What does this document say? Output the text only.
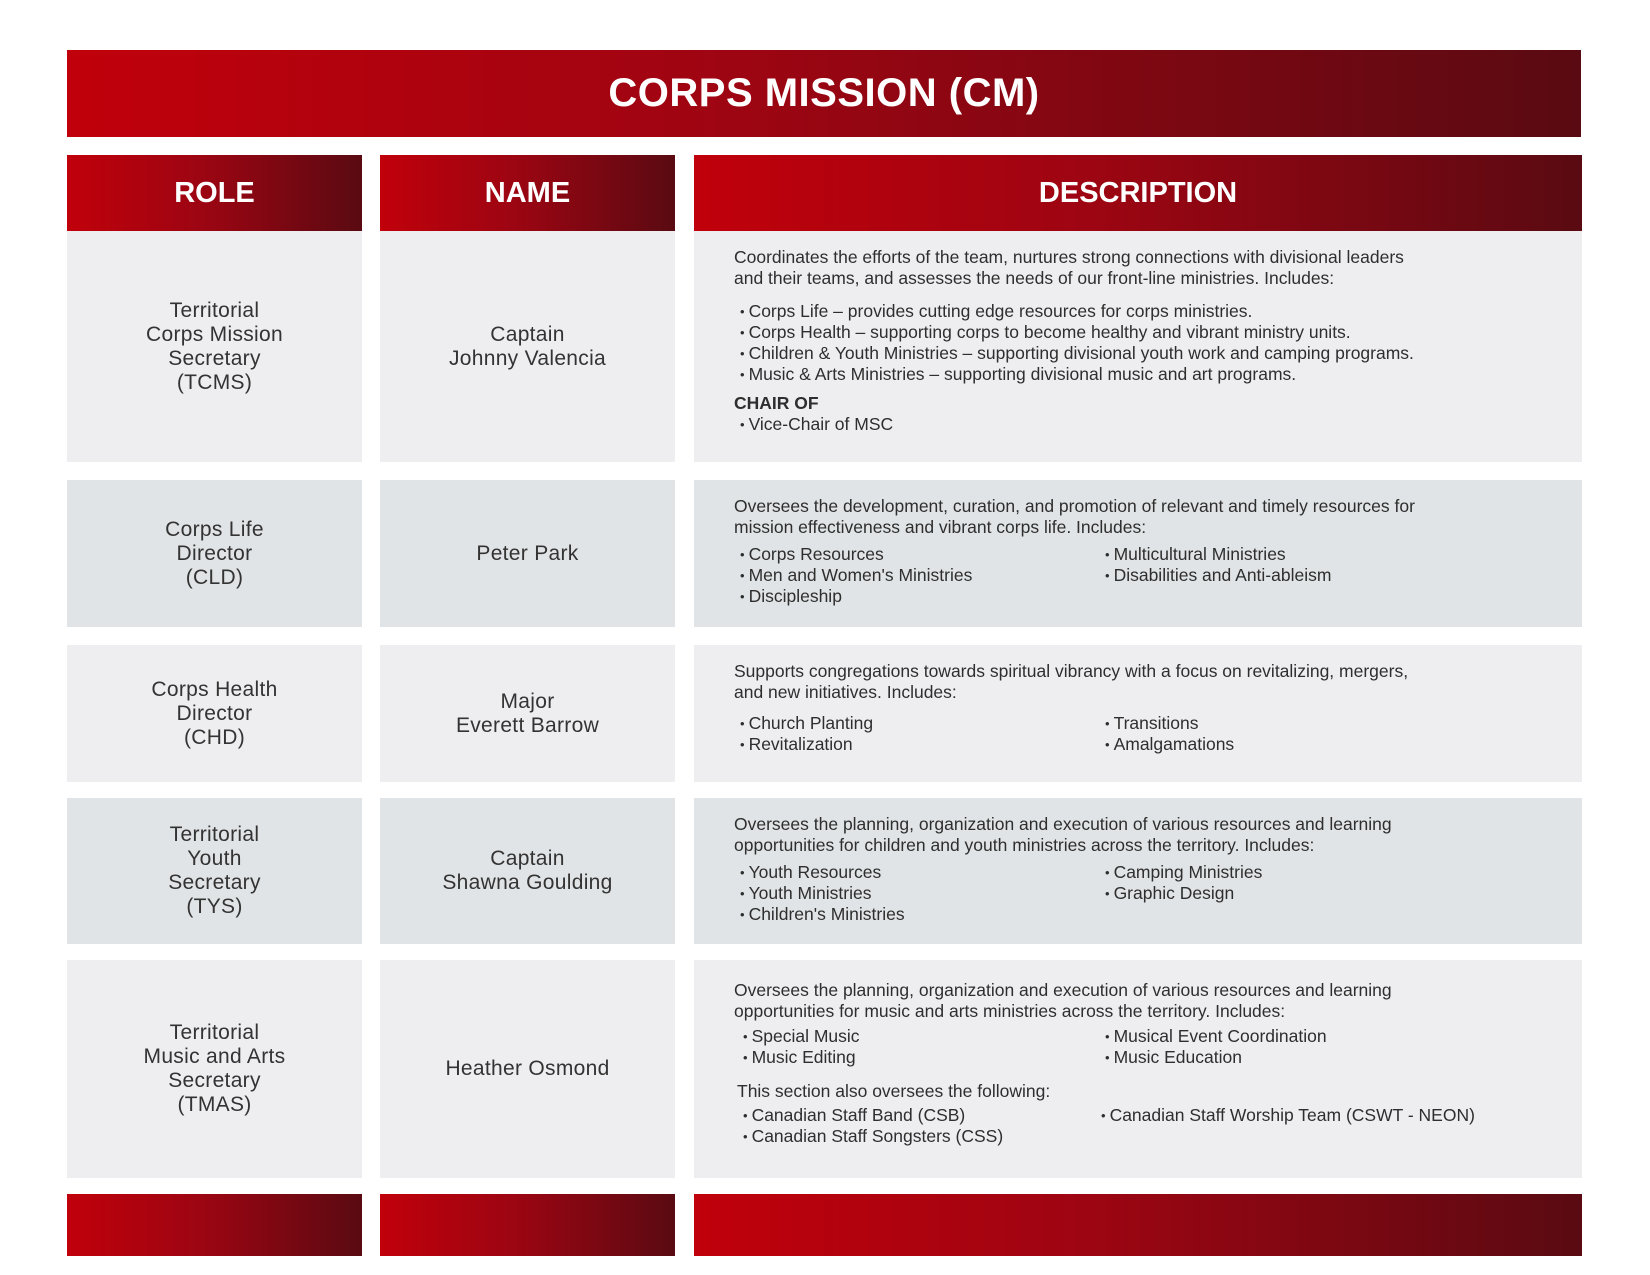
CORPS MISSION (CM)
ROLE	NAME	DESCRIPTION
Territorial
Corps Mission
Secretary
(TCMS)
Captain
Johnny Valencia

Coordinates the efforts of the team, nurtures strong connections with divisional leaders
and their teams, and assesses the needs of our front-line ministries. Includes:

• Corps Life – provides cutting edge resources for corps ministries.
• Corps Health – supporting corps to become healthy and vibrant ministry units.
• Children & Youth Ministries – supporting divisional youth work and camping programs.
• Music & Arts Ministries – supporting divisional music and art programs.
CHAIR OF
• Vice-Chair of MSC
Corps Life
Director
(CLD)
Peter Park

Oversees the development, curation, and promotion of relevant and timely resources for
mission effectiveness and vibrant corps life. Includes:

• Corps Resources
• Men and Women's Ministries
• Discipleship
• Multicultural Ministries
• Disabilities and Anti-ableism
Corps Health
Director
(CHD)
Major
Everett Barrow

Supports congregations towards spiritual vibrancy with a focus on revitalizing, mergers,
and new initiatives. Includes:

• Church Planting
• Revitalization
• Transitions
• Amalgamations
Territorial
Youth
Secretary
(TYS)
Captain
Shawna Goulding

Oversees the planning, organization and execution of various resources and learning
opportunities for children and youth ministries across the territory. Includes:

• Youth Resources
• Youth Ministries
• Children's Ministries
• Camping Ministries
• Graphic Design
Territorial
Music and Arts
Secretary
(TMAS)
Heather Osmond

Oversees the planning, organization and execution of various resources and learning
opportunities for music and arts ministries across the territory. Includes:

• Special Music
• Music Editing
• Musical Event Coordination
• Music Education
This section also oversees the following:
• Canadian Staff Band (CSB)
• Canadian Staff Songsters (CSS)
• Canadian Staff Worship Team (CSWT - NEON)
